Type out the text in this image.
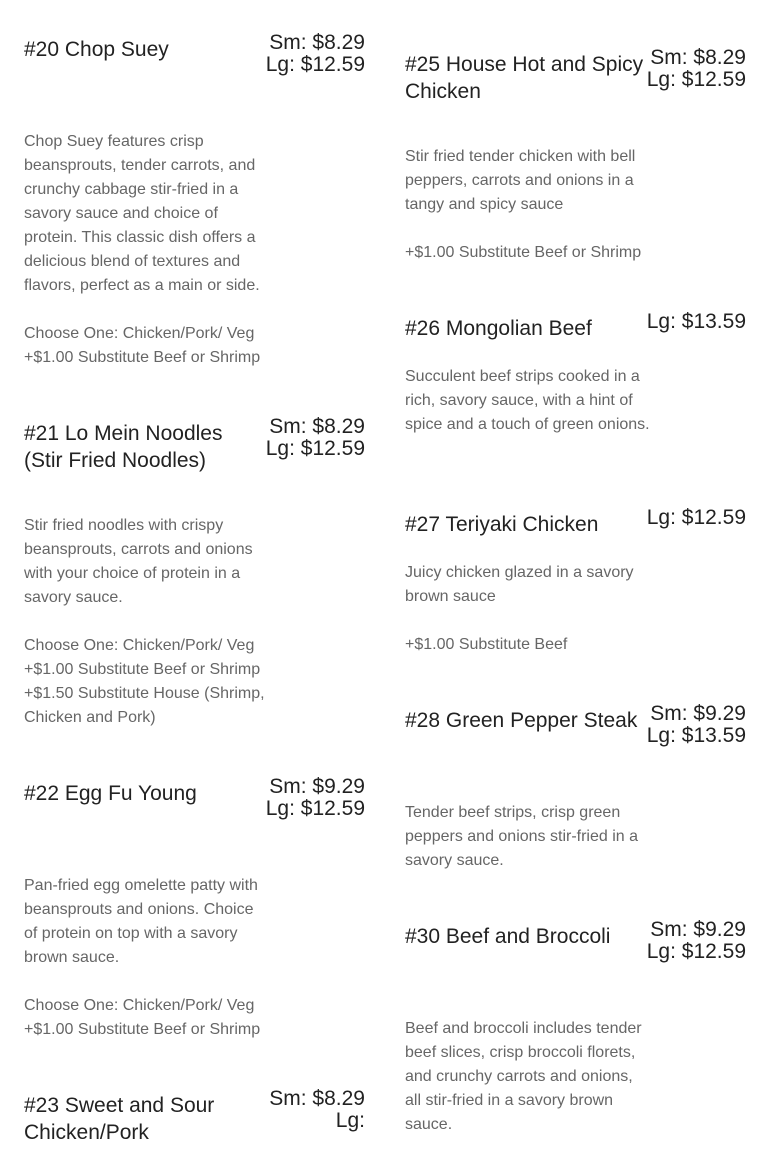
#20 Chop Suey	Sm: $8.29
Lg: $12.59

Chop Suey features crisp beansprouts, tender carrots, and crunchy cabbage stir-fried in a savory sauce and choice of protein. This classic dish offers a delicious blend of textures and flavors, perfect as a main or side.

Choose One: Chicken/Pork/ Veg
+$1.00 Substitute Beef or Shrimp

#21 Lo Mein Noodles (Stir Fried Noodles)
Sm: $8.29
Lg: $12.59

Stir fried noodles with crispy beansprouts, carrots and onions with your choice of protein in a savory sauce.

Choose One: Chicken/Pork/ Veg
+$1.00 Substitute Beef or Shrimp
+$1.50 Substitute House (Shrimp, Chicken and Pork)

#22 Egg Fu Young	Sm: $9.29
Lg: $12.59

Pan-fried egg omelette patty with beansprouts and onions. Choice of protein on top with a savory brown sauce.

Choose One: Chicken/Pork/ Veg
+$1.00 Substitute Beef or Shrimp

#23 Sweet and Sour Chicken/Pork
Sm: $8.29
Lg:
#25 House Hot and Spicy Chicken
Sm: $8.29
Lg: $12.59

Stir fried tender chicken with bell peppers, carrots and onions in a tangy and spicy sauce

+$1.00 Substitute Beef or Shrimp

#26 Mongolian Beef	Lg: $13.59

Succulent beef strips cooked in a rich, savory sauce, with a hint of spice and a touch of green onions.

#27 Teriyaki Chicken	Lg: $12.59

Juicy chicken glazed in a savory brown sauce

+$1.00 Substitute Beef

#28 Green Pepper Steak Sm: $9.29
Lg: $13.59

Tender beef strips, crisp green peppers and onions stir-fried in a savory sauce.

#30 Beef and Broccoli	Sm: $9.29
Lg: $12.59

Beef and broccoli includes tender beef slices, crisp broccoli florets, and crunchy carrots and onions, all stir-fried in a savory brown sauce.
